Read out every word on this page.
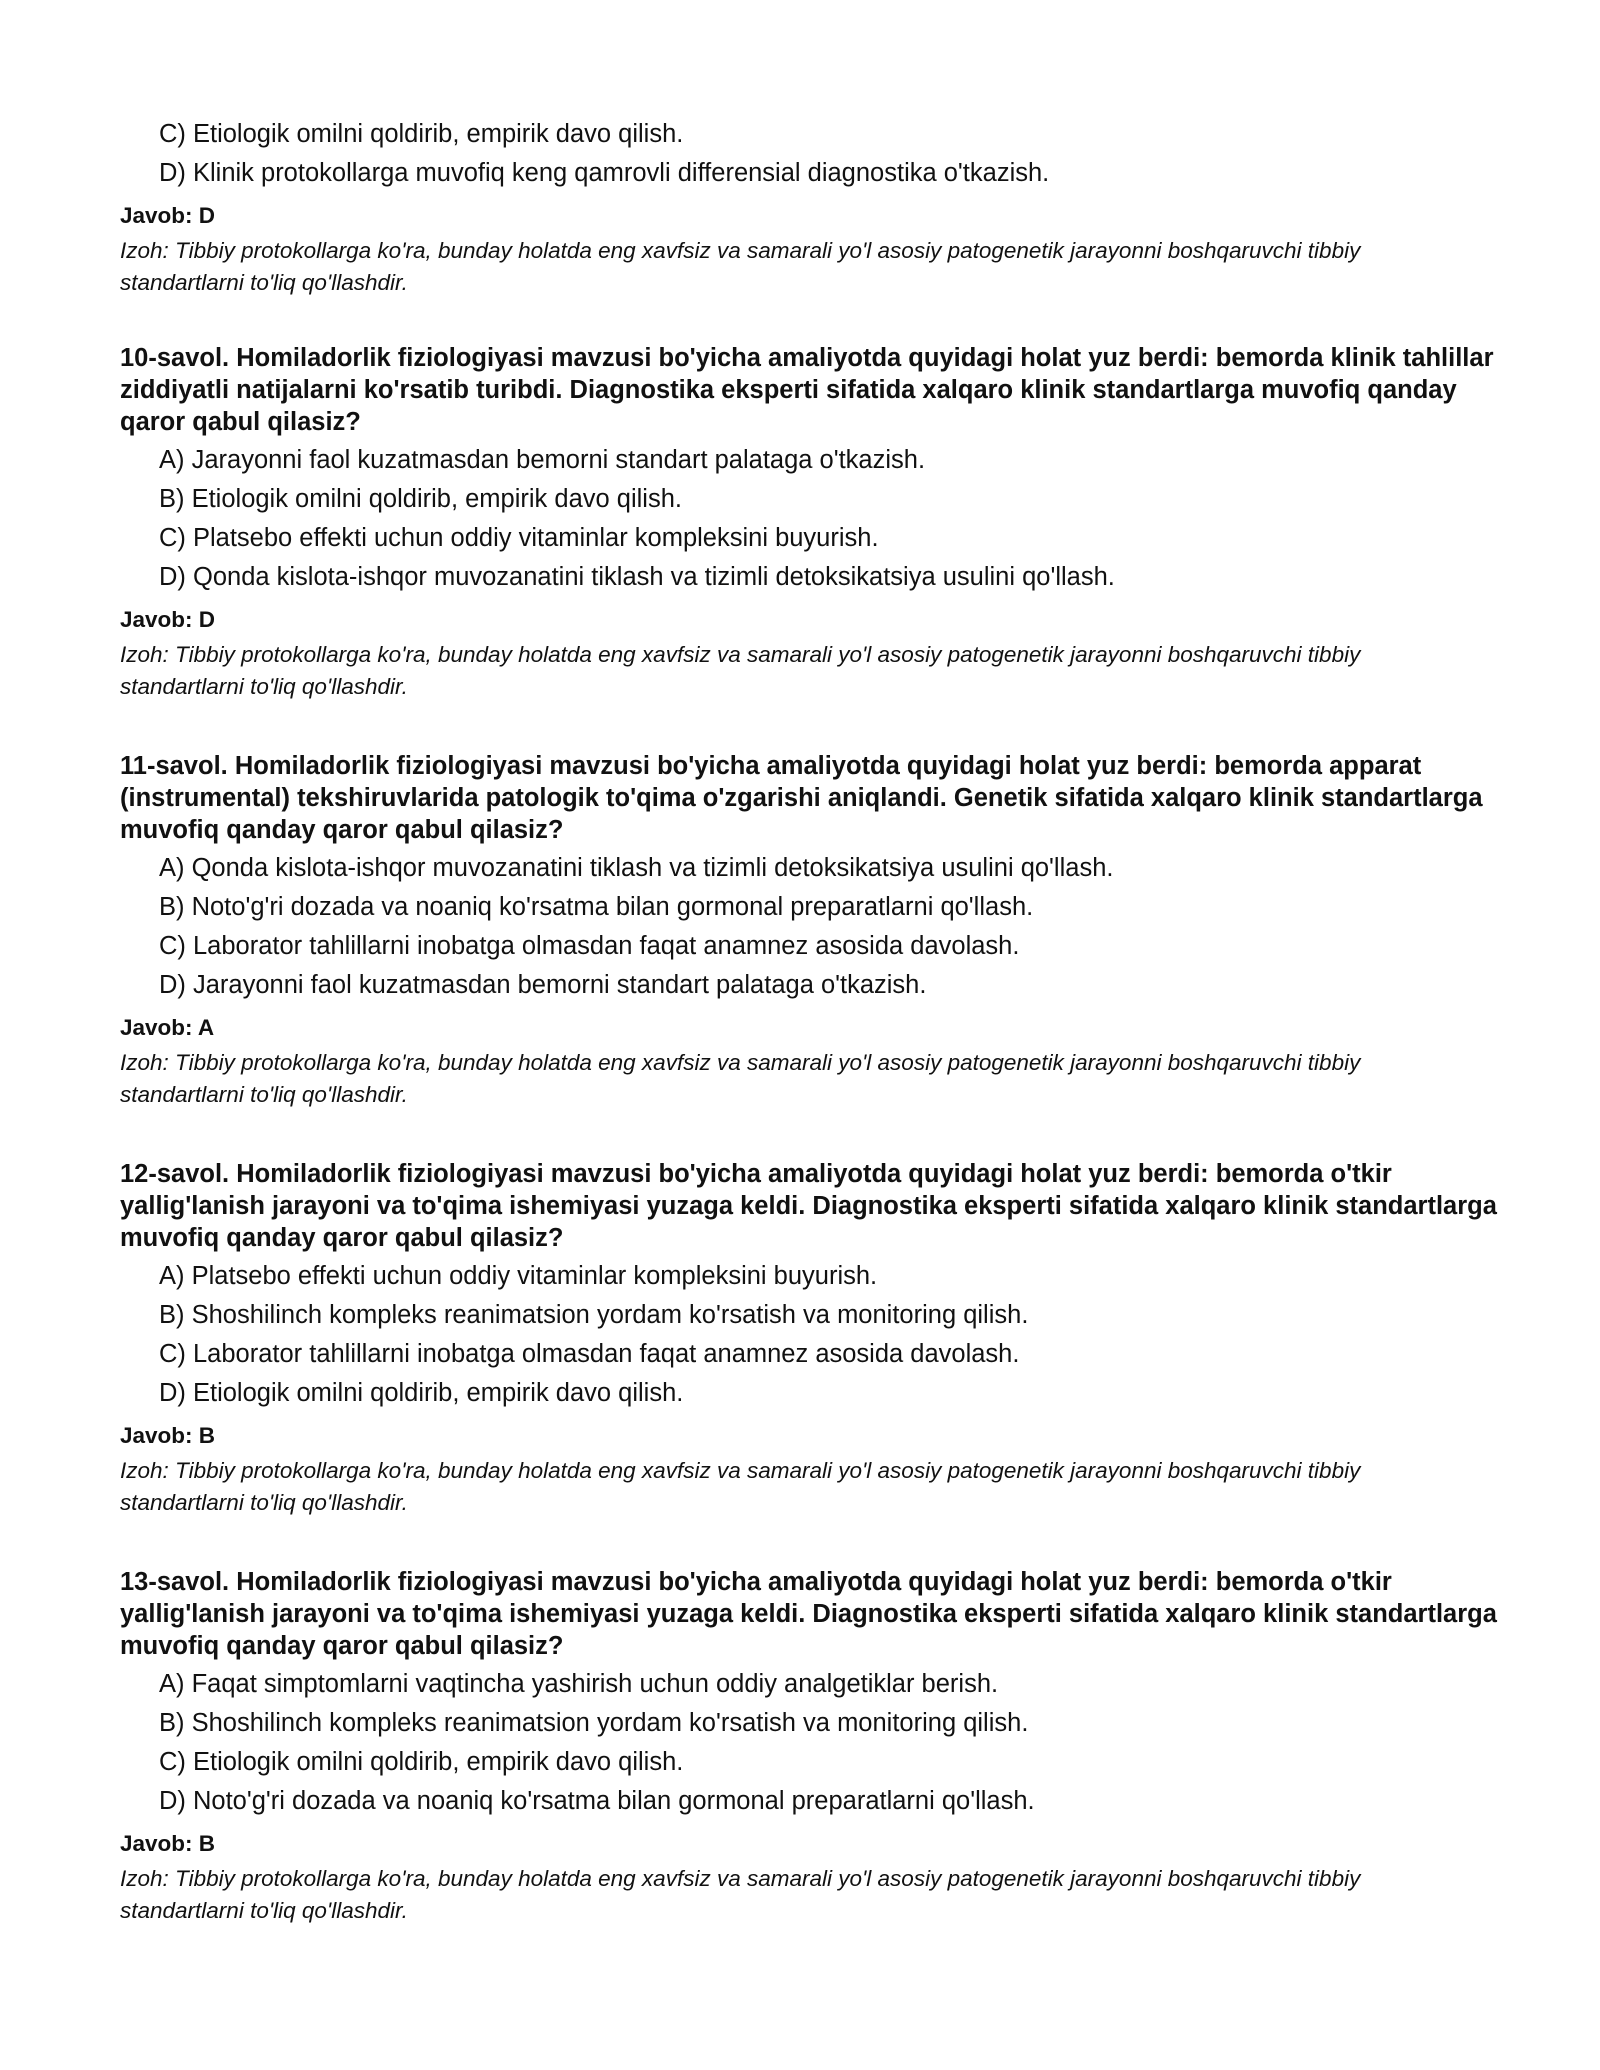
C) Etiologik omilni qoldirib, empirik davo qilish.
D) Klinik protokollarga muvofiq keng qamrovli differensial diagnostika o'tkazish.
Javob: D
Izoh: Tibbiy protokollarga ko'ra, bunday holatda eng xavfsiz va samarali yo'l asosiy patogenetik jarayonni boshqaruvchi tibbiy standartlarni to'liq qo'llashdir.
10-savol. Homiladorlik fiziologiyasi mavzusi bo'yicha amaliyotda quyidagi holat yuz berdi: bemorda klinik tahlillar ziddiyatli natijalarni ko'rsatib turibdi. Diagnostika eksperti sifatida xalqaro klinik standartlarga muvofiq qanday qaror qabul qilasiz?
A) Jarayonni faol kuzatmasdan bemorni standart palataga o'tkazish.
B) Etiologik omilni qoldirib, empirik davo qilish.
C) Platsebo effekti uchun oddiy vitaminlar kompleksini buyurish.
D) Qonda kislota-ishqor muvozanatini tiklash va tizimli detoksikatsiya usulini qo'llash.
Javob: D
Izoh: Tibbiy protokollarga ko'ra, bunday holatda eng xavfsiz va samarali yo'l asosiy patogenetik jarayonni boshqaruvchi tibbiy standartlarni to'liq qo'llashdir.
11-savol. Homiladorlik fiziologiyasi mavzusi bo'yicha amaliyotda quyidagi holat yuz berdi: bemorda apparat (instrumental) tekshiruvlarida patologik to'qima o'zgarishi aniqlandi. Genetik sifatida xalqaro klinik standartlarga muvofiq qanday qaror qabul qilasiz?
A) Qonda kislota-ishqor muvozanatini tiklash va tizimli detoksikatsiya usulini qo'llash.
B) Noto'g'ri dozada va noaniq ko'rsatma bilan gormonal preparatlarni qo'llash.
C) Laborator tahlillarni inobatga olmasdan faqat anamnez asosida davolash.
D) Jarayonni faol kuzatmasdan bemorni standart palataga o'tkazish.
Javob: A
Izoh: Tibbiy protokollarga ko'ra, bunday holatda eng xavfsiz va samarali yo'l asosiy patogenetik jarayonni boshqaruvchi tibbiy standartlarni to'liq qo'llashdir.
12-savol. Homiladorlik fiziologiyasi mavzusi bo'yicha amaliyotda quyidagi holat yuz berdi: bemorda o'tkir yallig'lanish jarayoni va to'qima ishemiyasi yuzaga keldi. Diagnostika eksperti sifatida xalqaro klinik standartlarga muvofiq qanday qaror qabul qilasiz?
A) Platsebo effekti uchun oddiy vitaminlar kompleksini buyurish.
B) Shoshilinch kompleks reanimatsion yordam ko'rsatish va monitoring qilish.
C) Laborator tahlillarni inobatga olmasdan faqat anamnez asosida davolash.
D) Etiologik omilni qoldirib, empirik davo qilish.
Javob: B
Izoh: Tibbiy protokollarga ko'ra, bunday holatda eng xavfsiz va samarali yo'l asosiy patogenetik jarayonni boshqaruvchi tibbiy standartlarni to'liq qo'llashdir.
13-savol. Homiladorlik fiziologiyasi mavzusi bo'yicha amaliyotda quyidagi holat yuz berdi: bemorda o'tkir yallig'lanish jarayoni va to'qima ishemiyasi yuzaga keldi. Diagnostika eksperti sifatida xalqaro klinik standartlarga muvofiq qanday qaror qabul qilasiz?
A) Faqat simptomlarni vaqtincha yashirish uchun oddiy analgetiklar berish.
B) Shoshilinch kompleks reanimatsion yordam ko'rsatish va monitoring qilish.
C) Etiologik omilni qoldirib, empirik davo qilish.
D) Noto'g'ri dozada va noaniq ko'rsatma bilan gormonal preparatlarni qo'llash.
Javob: B
Izoh: Tibbiy protokollarga ko'ra, bunday holatda eng xavfsiz va samarali yo'l asosiy patogenetik jarayonni boshqaruvchi tibbiy standartlarni to'liq qo'llashdir.
